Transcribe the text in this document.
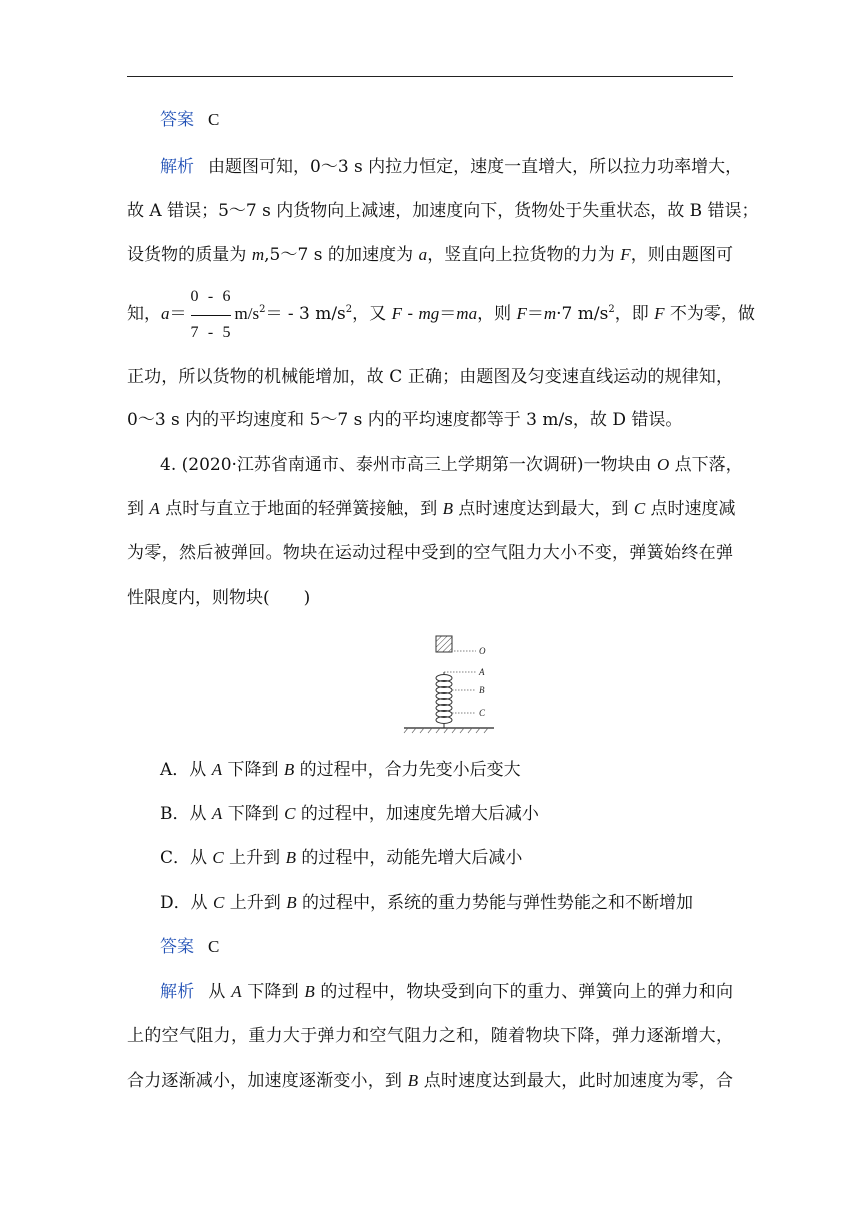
答案 C
解析 由题图可知，0～3 s 内拉力恒定，速度一直增大，所以拉力功率增大，
故 A 错误；5～7 s 内货物向上减速，加速度向下，货物处于失重状态，故 B 错误；
设货物的质量为 m,5～7 s 的加速度为 a，竖直向上拉货物的力为 F，则由题图可
知，$a= \frac{0 - 6}{7 - 5} m/s^2= - 3$ $m/s^2$，又 F - mg＝ma，则 F＝m·7 $m/s^2$，即 F 不为零，做
正功，所以货物的机械能增加，故 C 正确；由题图及匀变速直线运动的规律知，
0～3 s 内的平均速度和 5～7 s 内的平均速度都等于 3 m/s，故 D 错误。
4. (2020·江苏省南通市、泰州市高三上学期第一次调研)一物块由 O 点下落，
到 A 点时与直立于地面的轻弹簧接触，到 B 点时速度达到最大，到 C 点时速度减
为零，然后被弹回。物块在运动过程中受到的空气阻力大小不变，弹簧始终在弹
性限度内，则物块(　　)
O
A
B
C
A．从 A 下降到 B 的过程中，合力先变小后变大
B．从 A 下降到 C 的过程中，加速度先增大后减小
C．从 C 上升到 B 的过程中，动能先增大后减小
D．从 C 上升到 B 的过程中，系统的重力势能与弹性势能之和不断增加
答案 C
解析 从 A 下降到 B 的过程中，物块受到向下的重力、弹簧向上的弹力和向
上的空气阻力，重力大于弹力和空气阻力之和，随着物块下降，弹力逐渐增大，
合力逐渐减小，加速度逐渐变小，到 B 点时速度达到最大，此时加速度为零，合
